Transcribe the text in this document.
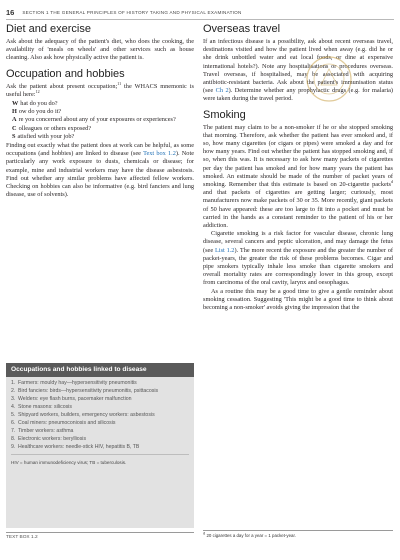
16 SECTION 1 THE GENERAL PRINCIPLES OF HISTORY TAKING AND PHYSICAL EXAMINATION
Diet and exercise

Ask about the adequacy of the patient's diet, who does the cooking, the availability of 'meals on wheels' and other services such as house cleaning. Also ask how physically active the patient is.

Occupation and hobbies

Ask the patient about present occupation;$^{11}$ the WHACS mnemonic is useful here:$^{12}$

W hat do you do?
H ow do you do it?
A re you concerned about any of your exposures or experiences?
C olleagues or others exposed?
S atisfied with your job?

Finding out exactly what the patient does at work can be helpful, as some occupations (and hobbies) are linked to disease (see Text box 1.2). Note particularly any work exposure to dusts, chemicals or disease; for example, mine and industrial workers may have the disease asbestosis. Find out whether any similar problems have affected fellow workers. Checking on hobbies can also be informative (e.g. bird fanciers and lung disease, use of solvents).

Occupations and hobbies linked to disease
1. Farmers: mouldy hay—hypersensitivity pneumonitis
2. Bird fanciers: birds—hypersensitivity pneumonitis, psittacosis
3. Welders: eye flash burns, pacemaker malfunction
4. Stone masons: silicosis
5. Shipyard workers, builders, emergency workers: asbestosis
6. Coal miners: pneumoconiosis and silicosis
7. Timber workers: asthma
8. Electronic workers: berylliosis
9. Healthcare workers: needle-stick HIV, hepatitis B, TB
HIV = human immunodeficiency virus; TB = tuberculosis.
TEXT BOX 1.2
Overseas travel

If an infectious disease is a possibility, ask about recent overseas travel, destinations visited and how the patient lived when away (e.g. did he or she drink unbottled water and eat local foods, or dine at expensive international hotels?). Note any hospitalisations or procedures overseas. Travel overseas, if hospitalised, may be associated with acquiring antibiotic-resistant bacteria. Ask about the patient's immunisation status (see Ch 2). Determine whether any prophylactic drugs (e.g. for malaria) were taken during the travel period.

Smoking

The patient may claim to be a non-smoker if he or she stopped smoking that morning. Therefore, ask whether the patient has ever smoked and, if so, how many cigarettes (or cigars or pipes) were smoked a day and for how many years. Find out whether the patient has stopped smoking and, if so, when this was. It is necessary to ask how many packets of cigarettes per day the patient has smoked and for how many years the patient has smoked. An estimate should be made of the number of packet years of smoking. Remember that this estimate is based on 20-cigarette packets$^d$ and that packets of cigarettes are getting larger; curiously, most manufacturers now make packets of 30 or 35. More recently, giant packets of 50 have appeared: these are too large to fit into a pocket and must be carried in the hands as a constant reminder to the patient of his or her addiction.

Cigarette smoking is a risk factor for vascular disease, chronic lung disease, several cancers and peptic ulceration, and may damage the fetus (see List 1.2). The more recent the exposure and the greater the number of packet-years, the greater the risk of these problems becomes. Cigar and pipe smokers typically inhale less smoke than cigarette smokers and overall mortality rates are correspondingly lower in this group, except from carcinoma of the oral cavity, larynx and oesophagus.

As a routine this may be a good time to give a gentle reminder about smoking cessation. Suggesting 'This might be a good time to think about becoming a non-smoker' avoids giving the impression that the

$^d$ 20 cigarettes a day for a year = 1 packet-year.
